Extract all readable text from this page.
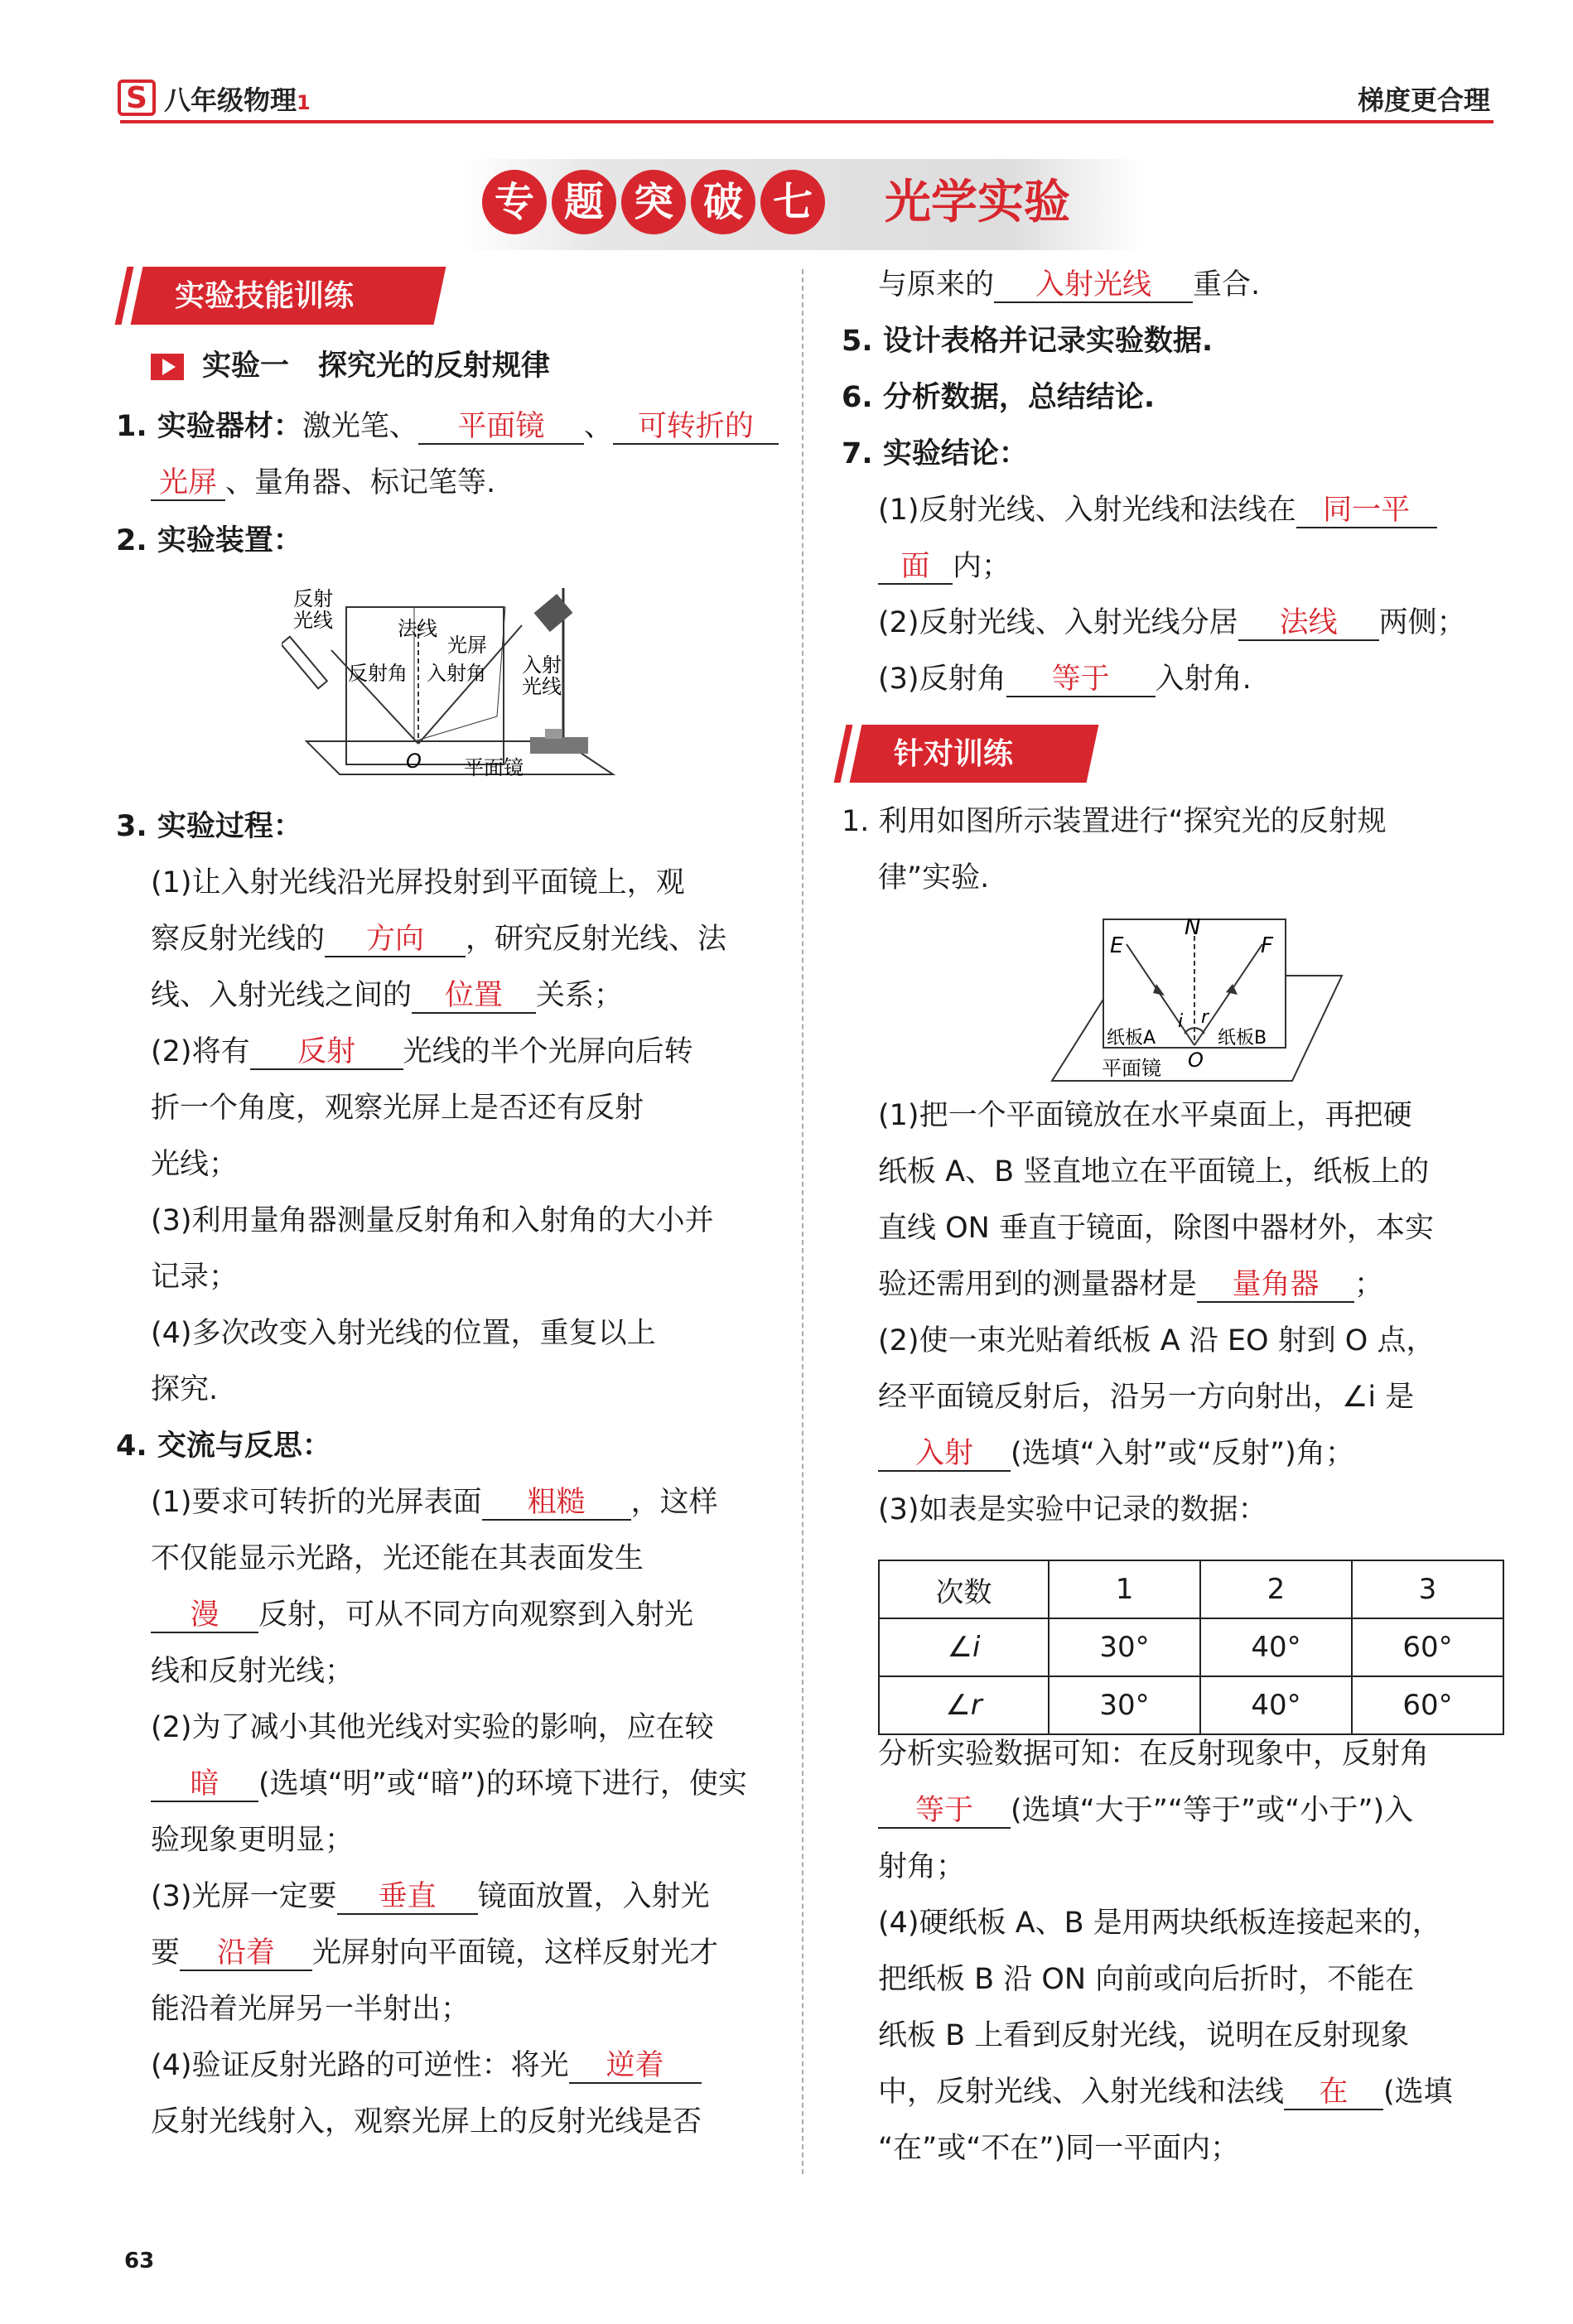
S 八年级物理1	梯度更合理
专 题 突 破 七 光学实验
实验技能训练
针对训练
实验一　探究光的反射规律
1. 实验器材：激光笔、 平面镜 、 可转折的
光屏 、量角器、标记笔等.
2. 实验装置：
反射
光线	法线
光屏
反射角 入射角 入射
光线
O 平面镜
3. 实验过程：
(1)让入射光线沿光屏投射到平面镜上，观
察反射光线的 方向 ，研究反射光线、法
线、入射光线之间的 位置 关系；
(2)将有 反射 光线的半个光屏向后转
折一个角度，观察光屏上是否还有反射
光线；
(3)利用量角器测量反射角和入射角的大小并
记录；
(4)多次改变入射光线的位置，重复以上
探究.
4. 交流与反思：
(1)要求可转折的光屏表面 粗糙 ，这样
不仅能显示光路，光还能在其表面发生
漫 反射，可从不同方向观察到入射光
线和反射光线；
(2)为了减小其他光线对实验的影响，应在较
暗 (选填“明”或“暗”)的环境下进行，使实
验现象更明显；
(3)光屏一定要 垂直 镜面放置，入射光
要 沿着 光屏射向平面镜，这样反射光才
能沿着光屏另一半射出；
(4)验证反射光路的可逆性：将光 逆着
反射光线射入，观察光屏上的反射光线是否
与原来的 入射光线 重合.
5. 设计表格并记录实验数据.
6. 分析数据，总结结论.
7. 实验结论：
(1)反射光线、入射光线和法线在 同一平
面 内；
(2)反射光线、入射光线分居 法线 两侧；
(3)反射角 等于 入射角.
1. 利用如图所示装置进行“探究光的反射规
律”实验.
E
N
F
i r
纸板A	纸板B
O
平面镜
(1)把一个平面镜放在水平桌面上，再把硬
纸板 A、B 竖直地立在平面镜上，纸板上的
直线 ON 垂直于镜面，除图中器材外，本实
验还需用到的测量器材是 量角器 ；
(2)使一束光贴着纸板 A 沿 EO 射到 O 点，
经平面镜反射后，沿另一方向射出，∠i 是
入射 (选填“入射”或“反射”)角；
(3)如表是实验中记录的数据：
次数	1	2	3
∠i	30°	40°	60°
∠r	30°	40°	60°
分析实验数据可知：在反射现象中，反射角
等于 (选填“大于”“等于”或“小于”)入
射角；
(4)硬纸板 A、B 是用两块纸板连接起来的，
把纸板 B 沿 ON 向前或向后折时，不能在
纸板 B 上看到反射光线，说明在反射现象
中，反射光线、入射光线和法线 在 (选填
“在”或“不在”)同一平面内；
63
